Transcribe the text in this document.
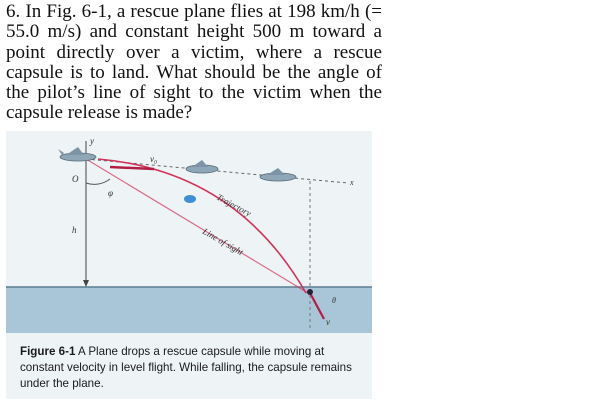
6. In Fig. 6-1, a rescue plane flies at 198 km/h (= 55.0 m/s) and constant height 500 m toward a point directly over a victim, where a rescue capsule is to land. What should be the angle of the pilot’s line of sight to the victim when the capsule release is made?
y
v₀
O
φ
h
x
θ
v
Trajectory
Line of sight
Figure 6-1 A Plane drops a rescue capsule while moving at constant velocity in level flight. While falling, the capsule remains under the plane.
